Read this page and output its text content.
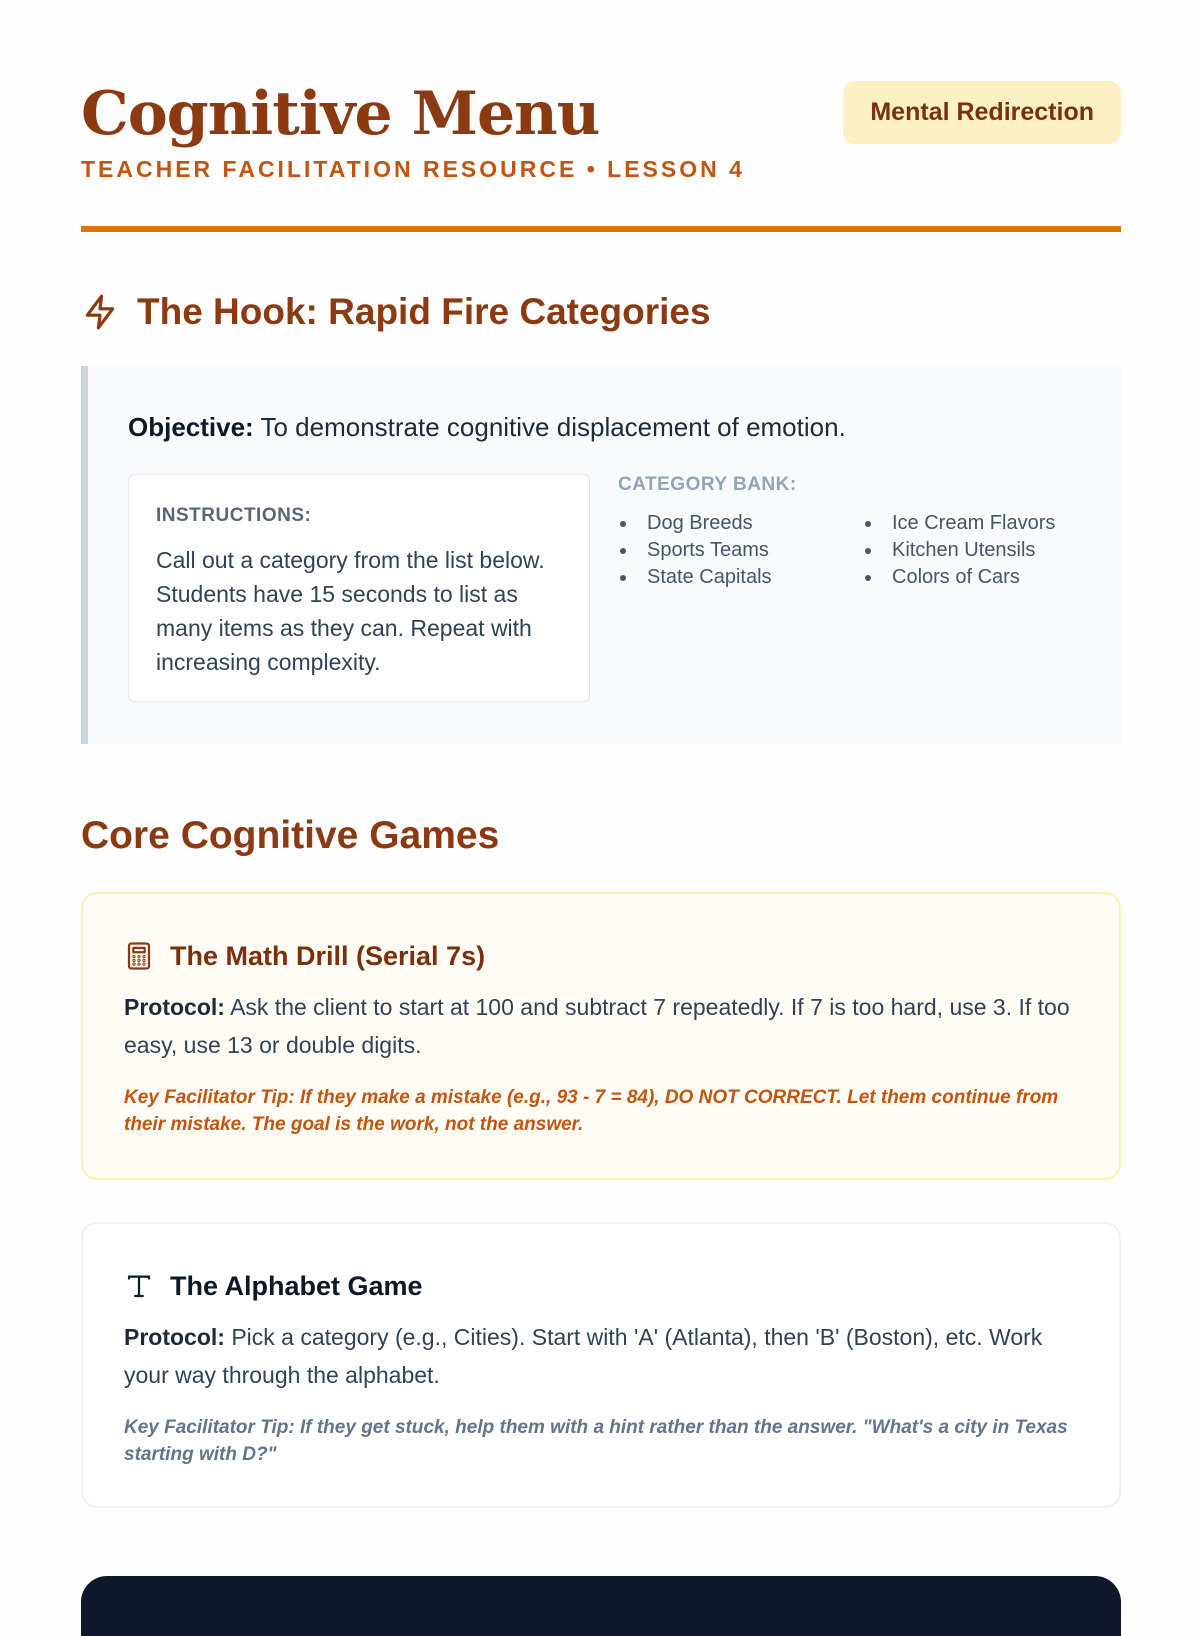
Cognitive Menu
TEACHER FACILITATION RESOURCE • LESSON 4
Mental Redirection
The Hook: Rapid Fire Categories
Objective: To demonstrate cognitive displacement of emotion.
INSTRUCTIONS:
Call out a category from the list below. Students have 15 seconds to list as many items as they can. Repeat with increasing complexity.
CATEGORY BANK:
Dog Breeds
Sports Teams
State Capitals
Ice Cream Flavors
Kitchen Utensils
Colors of Cars
Core Cognitive Games
The Math Drill (Serial 7s)
Protocol: Ask the client to start at 100 and subtract 7 repeatedly. If 7 is too hard, use 3. If too easy, use 13 or double digits.
Key Facilitator Tip: If they make a mistake (e.g., 93 - 7 = 84), DO NOT CORRECT. Let them continue from their mistake. The goal is the work, not the answer.
The Alphabet Game
Protocol: Pick a category (e.g., Cities). Start with 'A' (Atlanta), then 'B' (Boston), etc. Work your way through the alphabet.
Key Facilitator Tip: If they get stuck, help them with a hint rather than the answer. "What's a city in Texas starting with D?"
